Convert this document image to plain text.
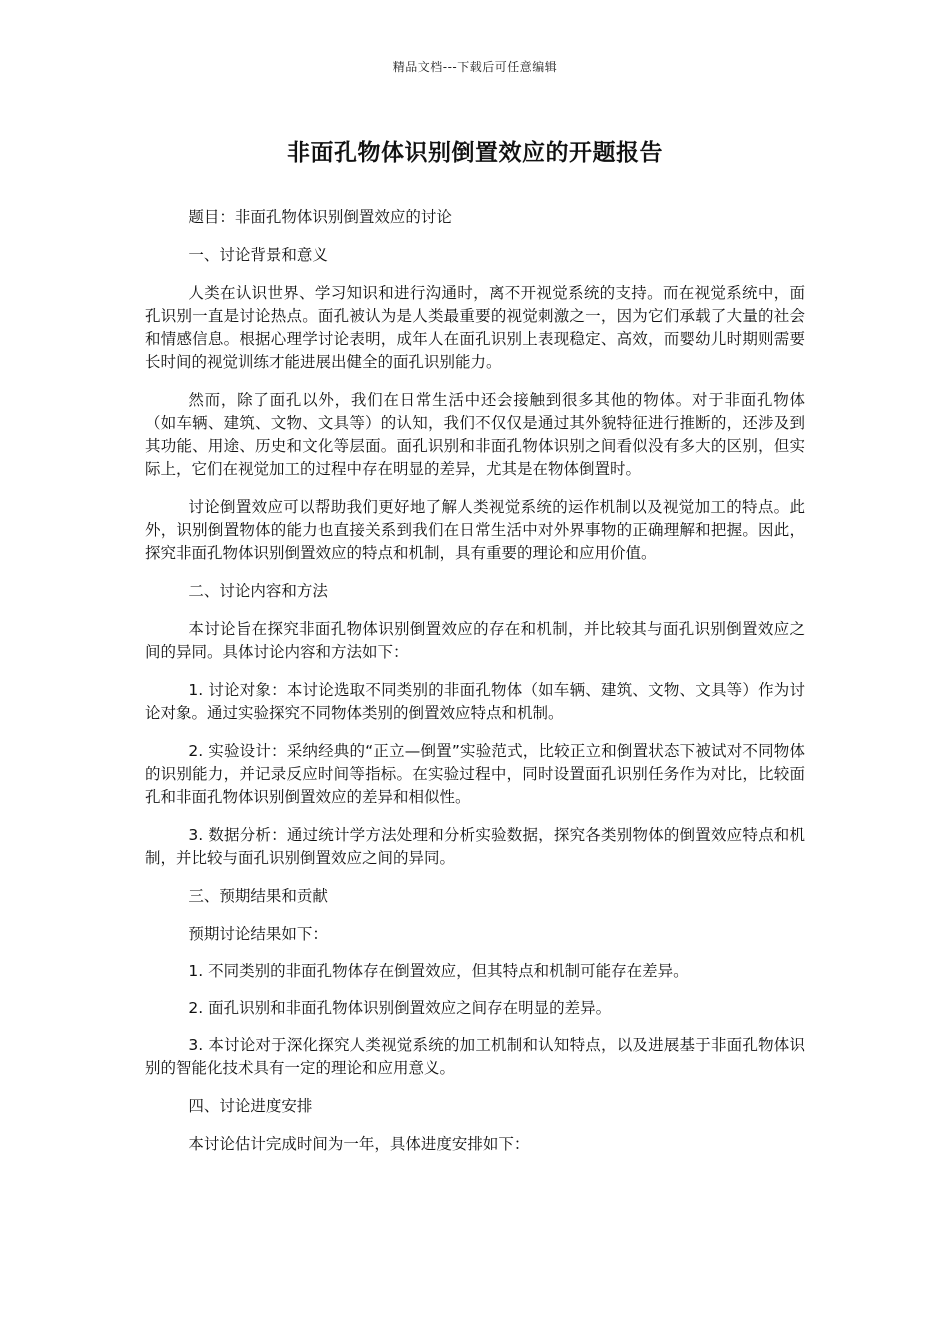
精品文档---下载后可任意编辑
非面孔物体识别倒置效应的开题报告

题目：非面孔物体识别倒置效应的讨论

一、讨论背景和意义

人类在认识世界、学习知识和进行沟通时，离不开视觉系统的支持。而在视觉系统中，面孔识别一直是讨论热点。面孔被认为是人类最重要的视觉刺激之一，因为它们承载了大量的社会和情感信息。根据心理学讨论表明，成年人在面孔识别上表现稳定、高效，而婴幼儿时期则需要长时间的视觉训练才能进展出健全的面孔识别能力。

然而，除了面孔以外，我们在日常生活中还会接触到很多其他的物体。对于非面孔物体（如车辆、建筑、文物、文具等）的认知，我们不仅仅是通过其外貌特征进行推断的，还涉及到其功能、用途、历史和文化等层面。面孔识别和非面孔物体识别之间看似没有多大的区别，但实际上，它们在视觉加工的过程中存在明显的差异，尤其是在物体倒置时。

讨论倒置效应可以帮助我们更好地了解人类视觉系统的运作机制以及视觉加工的特点。此外，识别倒置物体的能力也直接关系到我们在日常生活中对外界事物的正确理解和把握。因此，探究非面孔物体识别倒置效应的特点和机制，具有重要的理论和应用价值。

二、讨论内容和方法

本讨论旨在探究非面孔物体识别倒置效应的存在和机制，并比较其与面孔识别倒置效应之间的异同。具体讨论内容和方法如下：

1. 讨论对象：本讨论选取不同类别的非面孔物体（如车辆、建筑、文物、文具等）作为讨论对象。通过实验探究不同物体类别的倒置效应特点和机制。

2. 实验设计：采纳经典的“正立—倒置”实验范式，比较正立和倒置状态下被试对不同物体的识别能力，并记录反应时间等指标。在实验过程中，同时设置面孔识别任务作为对比，比较面孔和非面孔物体识别倒置效应的差异和相似性。

3. 数据分析：通过统计学方法处理和分析实验数据，探究各类别物体的倒置效应特点和机制，并比较与面孔识别倒置效应之间的异同。

三、预期结果和贡献

预期讨论结果如下：

1. 不同类别的非面孔物体存在倒置效应，但其特点和机制可能存在差异。

2. 面孔识别和非面孔物体识别倒置效应之间存在明显的差异。

3. 本讨论对于深化探究人类视觉系统的加工机制和认知特点，以及进展基于非面孔物体识别的智能化技术具有一定的理论和应用意义。

四、讨论进度安排

本讨论估计完成时间为一年，具体进度安排如下：
